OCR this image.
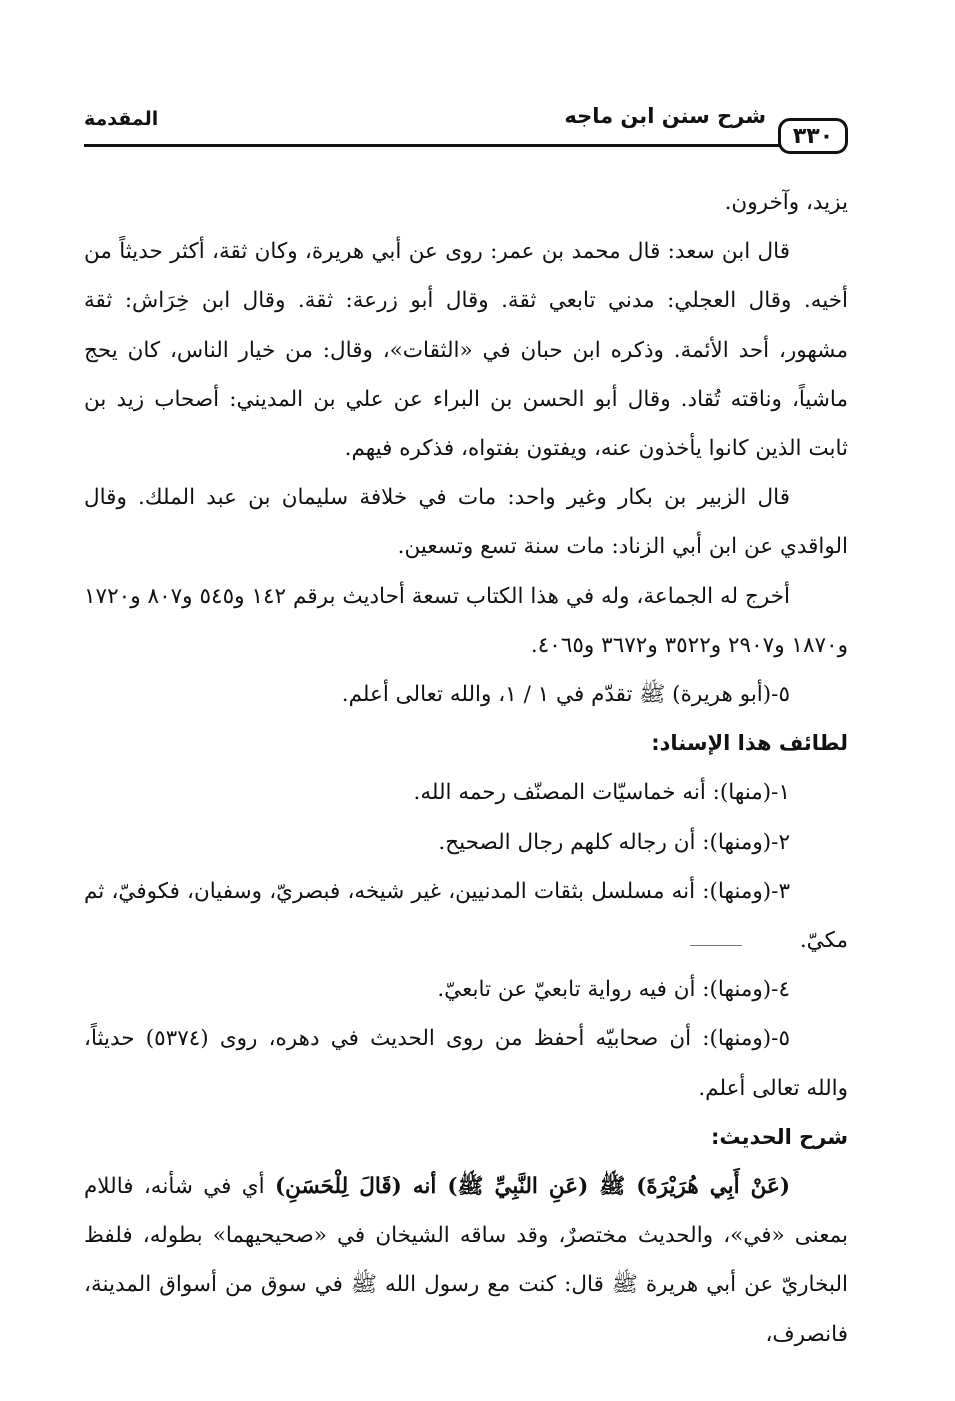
٣٣٠
شرح سنن ابن ماجه
المقدمة

يزيد، وآخرون.

قال ابن سعد: قال محمد بن عمر: روى عن أبي هريرة، وكان ثقة، أكثر حديثاً من أخيه. وقال العجلي: مدني تابعي ثقة. وقال أبو زرعة: ثقة. وقال ابن خِرَاش: ثقة مشهور، أحد الأئمة. وذكره ابن حبان في «الثقات»، وقال: من خيار الناس، كان يحج ماشياً، وناقته تُقاد. وقال أبو الحسن بن البراء عن علي بن المديني: أصحاب زيد بن ثابت الذين كانوا يأخذون عنه، ويفتون بفتواه، فذكره فيهم.

قال الزبير بن بكار وغير واحد: مات في خلافة سليمان بن عبد الملك. وقال الواقدي عن ابن أبي الزناد: مات سنة تسع وتسعين.

أخرج له الجماعة، وله في هذا الكتاب تسعة أحاديث برقم ١٤٢ و٥٤٥ و٨٠٧ و١٧٢٠ و١٨٧٠ و٢٩٠٧ و٣٥٢٢ و٣٦٧٢ و٤٠٦٥.

٥-(أبو هريرة) ﷺ تقدّم في ١ / ١، والله تعالى أعلم.

لطائف هذا الإسناد:

١-(منها): أنه خماسيّات المصنّف رحمه الله.

٢-(ومنها): أن رجاله كلهم رجال الصحيح.

٣-(ومنها): أنه مسلسل بثقات المدنيين، غير شيخه، فبصريّ، وسفيان، فكوفيّ، ثم مكيّ.

٤-(ومنها): أن فيه رواية تابعيّ عن تابعيّ.

٥-(ومنها): أن صحابيّه أحفظ من روى الحديث في دهره، روى (٥٣٧٤) حديثاً، والله تعالى أعلم.

شرح الحديث:

(عَنْ أَبِي هُرَيْرَةَ) ﷺ (عَنِ النَّبِيِّ ﷺ) أنه (قَالَ لِلْحَسَنِ) أي في شأنه، فاللام بمعنى «في»، والحديث مختصرٌ، وقد ساقه الشيخان في «صحيحيهما» بطوله، فلفظ البخاريّ عن أبي هريرة ﷺ قال: كنت مع رسول الله ﷺ في سوق من أسواق المدينة، فانصرف،
